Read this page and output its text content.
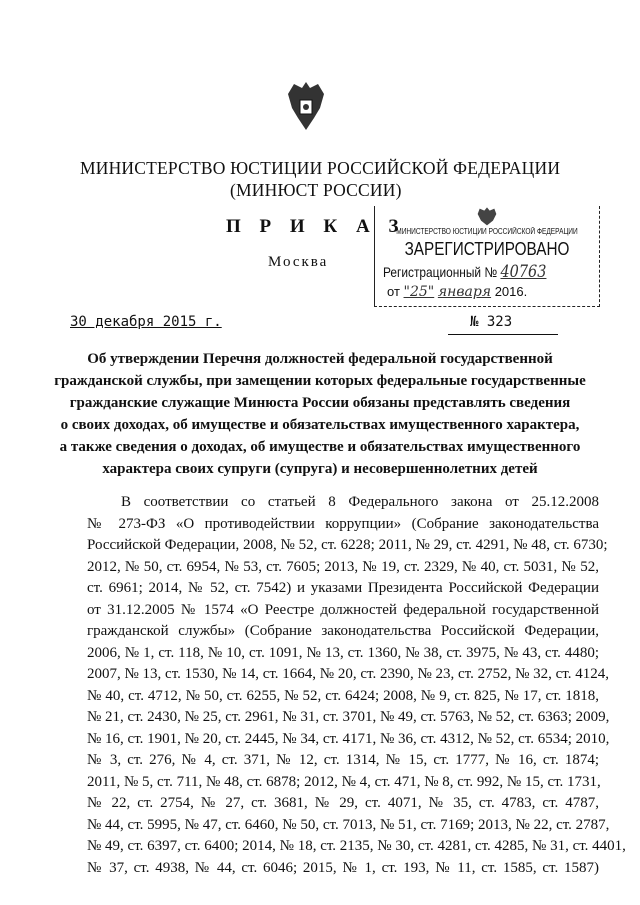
МИНИСТЕРСТВО ЮСТИЦИИ РОССИЙСКОЙ ФЕДЕРАЦИИ
(МИНЮСТ РОССИИ)
П Р И К А З
Москва
30 декабря 2015 г.	№ 323
МИНИСТЕРСТВО ЮСТИЦИИ РОССИЙСКОЙ ФЕДЕРАЦИИ
ЗАРЕГИСТРИРОВАНО
Регистрационный № 40763
от "25" января 2016.
Об утверждении Перечня должностей федеральной государственной
гражданской службы, при замещении которых федеральные государственные
гражданские служащие Минюста России обязаны представлять сведения
о своих доходах, об имуществе и обязательствах имущественного характера,
а также сведения о доходах, об имуществе и обязательствах имущественного
характера своих супруги (супруга) и несовершеннолетних детей
В соответствии со статьей 8 Федерального закона от 25.12.2008
№ 273-ФЗ «О противодействии коррупции» (Собрание законодательства
Российской Федерации, 2008, № 52, ст. 6228; 2011, № 29, ст. 4291, № 48, ст. 6730;
2012, № 50, ст. 6954, № 53, ст. 7605; 2013, № 19, ст. 2329, № 40, ст. 5031, № 52,
ст. 6961; 2014, № 52, ст. 7542) и указами Президента Российской Федерации
от 31.12.2005 № 1574 «О Реестре должностей федеральной государственной
гражданской службы» (Собрание законодательства Российской Федерации,
2006, № 1, ст. 118, № 10, ст. 1091, № 13, ст. 1360, № 38, ст. 3975, № 43, ст. 4480;
2007, № 13, ст. 1530, № 14, ст. 1664, № 20, ст. 2390, № 23, ст. 2752, № 32, ст. 4124,
№ 40, ст. 4712, № 50, ст. 6255, № 52, ст. 6424; 2008, № 9, ст. 825, № 17, ст. 1818,
№ 21, ст. 2430, № 25, ст. 2961, № 31, ст. 3701, № 49, ст. 5763, № 52, ст. 6363; 2009,
№ 16, ст. 1901, № 20, ст. 2445, № 34, ст. 4171, № 36, ст. 4312, № 52, ст. 6534; 2010,
№ 3, ст. 276, № 4, ст. 371, № 12, ст. 1314, № 15, ст. 1777, № 16, ст. 1874;
2011, № 5, ст. 711, № 48, ст. 6878; 2012, № 4, ст. 471, № 8, ст. 992, № 15, ст. 1731,
№ 22, ст. 2754, № 27, ст. 3681, № 29, ст. 4071, № 35, ст. 4783, ст. 4787,
№ 44, ст. 5995, № 47, ст. 6460, № 50, ст. 7013, № 51, ст. 7169; 2013, № 22, ст. 2787,
№ 49, ст. 6397, ст. 6400; 2014, № 18, ст. 2135, № 30, ст. 4281, ст. 4285, № 31, ст. 4401,
№ 37, ст. 4938, № 44, ст. 6046; 2015, № 1, ст. 193, № 11, ст. 1585, ст. 1587)
